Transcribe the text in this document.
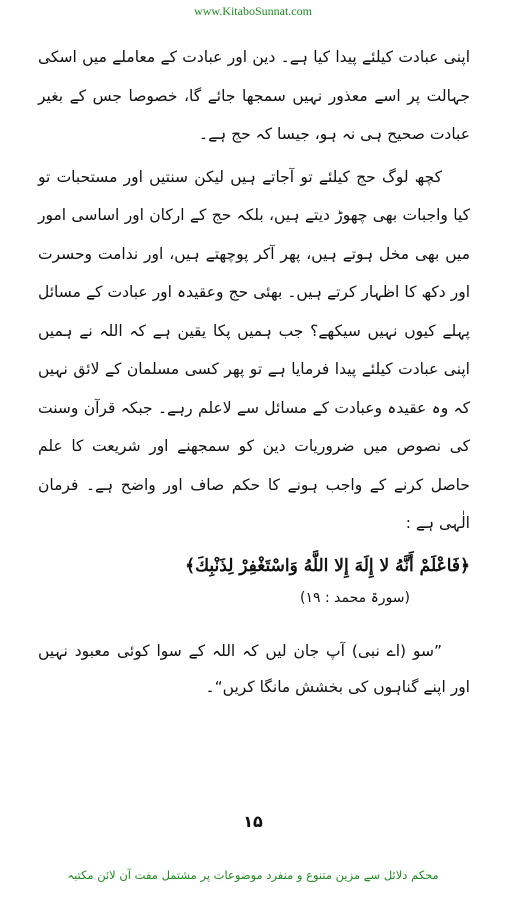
www.KitaboSunnat.com

اپنی عبادت کیلئے پیدا کیا ہے۔ دین اور عبادت کے معاملے میں اسکی جہالت پر اسے معذور نہیں سمجھا جائے گا، خصوصا جس کے بغیر عبادت صحیح ہی نہ ہو، جیسا کہ حج ہے۔

کچھ لوگ حج کیلئے تو آجاتے ہیں لیکن سنتیں اور مستحبات تو کیا واجبات بھی چھوڑ دیتے ہیں، بلکہ حج کے ارکان اور اساسی امور میں بھی مخل ہوتے ہیں، پھر آکر پوچھتے ہیں، اور ندامت وحسرت اور دکھ کا اظہار کرتے ہیں۔ بھئی حج وعقیدہ اور عبادت کے مسائل پہلے کیوں نہیں سیکھے؟ جب ہمیں پکا یقین ہے کہ اللہ نے ہمیں اپنی عبادت کیلئے پیدا فرمایا ہے تو پھر کسی مسلمان کے لائق نہیں کہ وہ عقیدہ وعبادت کے مسائل سے لاعلم رہے۔ جبکہ قرآن وسنت کی نصوص میں ضروریات دین کو سمجھنے اور شریعت کا علم حاصل کرنے کے واجب ہونے کا حکم صاف اور واضح ہے۔ فرمان الٰہی ہے :

﴿فَاعْلَمْ أَنَّهُ لا إِلَهَ إِلا اللَّهُ وَاسْتَغْفِرْ لِذَنْبِكَ﴾
(سورۃ محمد : ۱۹)

”سو (اے نبی) آپ جان لیں کہ اللہ کے سوا کوئی معبود نہیں اور اپنے گناہوں کی بخشش مانگا کریں“۔

۱۵
محکم دلائل سے مزین متنوع و منفرد موضوعات پر مشتمل مفت آن لائن مکتبہ
